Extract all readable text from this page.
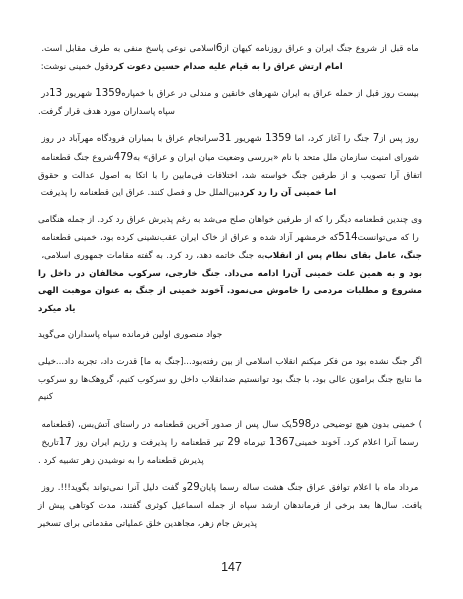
اسلامی نوعی پاسخ منفی به طرف مقابل است. 6 ماه قبل از شروع جنگ ایران و عراق روزنامه کیهان از قول خمینی نوشت: امام ارتش عراق را به قیام علیه صدام حسین دعوت کرد

در 13 شهریور 1359 بیست روز قبل از حمله عراق به ایران شهرهای خانقین و مندلی در عراق با خمپاره سپاه پاسداران مورد هدف قرار گرفت.

سرانجام عراق با بمباران فرودگاه مهرآباد در روز 31 شهریور 1359 جنگ را آغاز کرد، اما 7 روز پس از شروع جنگ قطعنامه 479 شورای امنیت سازمان ملل متحد با نام «بررسی وضعیت میان ایران و عراق» به اتفاق آرا تصویب و از طرفین جنگ خواسته شد، اختلافات فی‌مابین را با اتکا به اصول عدالت و حقوق بین‌الملل حل و فصل کنند. عراق این قطعنامه را پذیرفت اما خمینی آن را رد کرد

وی چندین قطعنامه دیگر را که از طرفین خواهان صلح می‌شد به رغم پذیرش عراق رد کرد. از جمله هنگامی که خرمشهر آزاد شده و عراق از خاک ایران عقب‌نشینی کرده بود، خمینی قطعنامه 514 را که می‌توانست به جنگ خاتمه دهد، رد کرد. به گفته مقامات جمهوری اسلامی، جنگ، عامل بقای نظام پس از انقلاب بود و به همین علت خمینی آن‌را ادامه می‌داد. جنگ خارجی، سرکوب مخالفان در داخل را مشروع و مطلبات مردمی را خاموش می‌نمود. آخوند خمینی از جنگ به عنوان موهبت الهی یاد میکرد

جواد منصوری اولین فرمانده سپاه پاسداران می‌گوید

اگر جنگ نشده بود من فکر میکنم انقلاب اسلامی از بین رفته‌بود...[جنگ به ما] قدرت داد، تجربه داد...خیلی ما نتایج جنگ براموَن عالی بود، با جنگ بود توانستیم ضدانقلاب داخل رو سرکوب کنیم، گروهک‌ها رو سرکوب کنیم

یک سال پس از صدور آخرین قطعنامه در راستای آتش‌بس، (قطعنامه 598) خمینی بدون هیچ توضیحی در تاریخ 17 تیر قطعنامه را پذیرفت و رژیم ایران روز 29 تیرماه 1367 رسما آنرا اعلام کرد. آخوند خمینی پذیرش قطعنامه را به نوشیدن زهر تشبیه کرد .

و گفت دلیل آنرا نمی‌تواند بگوید!!!. روز 29 مرداد ماه با اعلام توافق عراق جنگ هشت ساله رسما پایان یافت. سال‌ها بعد برخی از فرماندهان ارشد سپاه از جمله اسماعیل کوثری گفتند، مدت کوتاهی پیش از پذیرش جام زهر، مجاهدین خلق عملیاتی مقدماتی برای تسخیر

147
